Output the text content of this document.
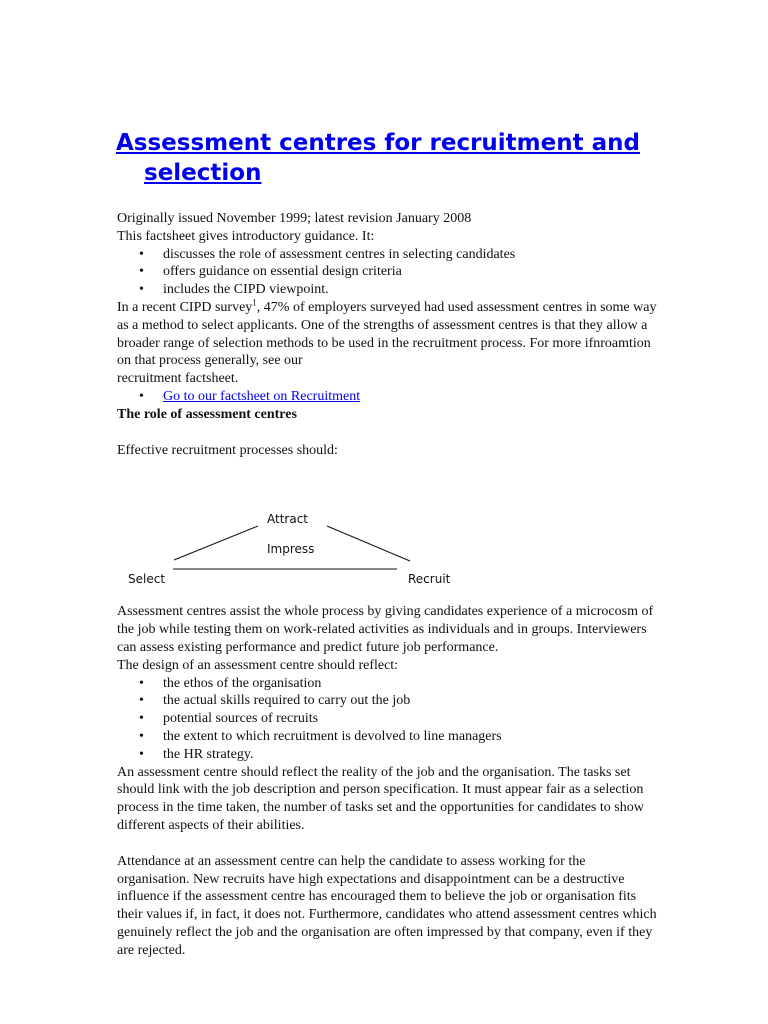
Assessment centres for recruitment and
selection

Originally issued November 1999; latest revision January 2008

This factsheet gives introductory guidance. It:

• discusses the role of assessment centres in selecting candidates
• offers guidance on essential design criteria
• includes the CIPD viewpoint.

In a recent CIPD survey$^1$, 47% of employers surveyed had used assessment centres in some way as a method to select applicants. One of the strengths of assessment centres is that they allow a broader range of selection methods to be used in the recruitment process. For more ifnroamtion on that process generally, see our
recruitment factsheet.

• Go to our factsheet on Recruitment

The role of assessment centres

Effective recruitment processes should:

Attract
Impress
Select	Recruit

Assessment centres assist the whole process by giving candidates experience of a microcosm of the job while testing them on work-related activities as individuals and in groups. Interviewers can assess existing performance and predict future job performance.

The design of an assessment centre should reflect:

• the ethos of the organisation
• the actual skills required to carry out the job
• potential sources of recruits
• the extent to which recruitment is devolved to line managers
• the HR strategy.

An assessment centre should reflect the reality of the job and the organisation. The tasks set should link with the job description and person specification. It must appear fair as a selection process in the time taken, the number of tasks set and the opportunities for candidates to show different aspects of their abilities.

Attendance at an assessment centre can help the candidate to assess working for the organisation. New recruits have high expectations and disappointment can be a destructive influence if the assessment centre has encouraged them to believe the job or organisation fits their values if, in fact, it does not. Furthermore, candidates who attend assessment centres which genuinely reflect the job and the organisation are often impressed by that company, even if they are rejected.
